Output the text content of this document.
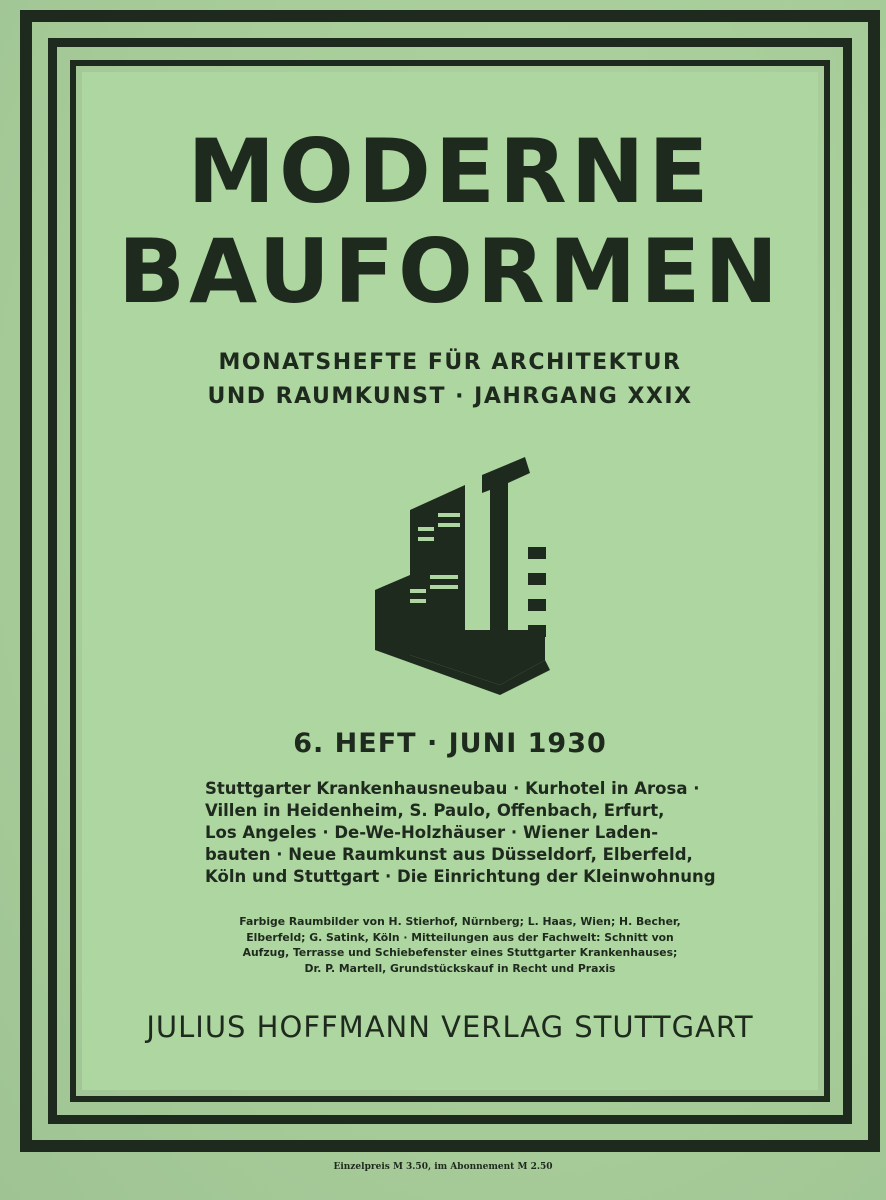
MODERNE
BAUFORMEN
MONATSHEFTE FÜR ARCHITEKTUR
UND RAUMKUNST · JAHRGANG XXIX
6. HEFT · JUNI 1930
Stuttgarter Krankenhausneubau · Kurhotel in Arosa ·
Villen in Heidenheim, S. Paulo, Offenbach, Erfurt,
Los Angeles · De-We-Holzhäuser · Wiener Laden-
bauten · Neue Raumkunst aus Düsseldorf, Elberfeld,
Köln und Stuttgart · Die Einrichtung der Kleinwohnung
Farbige Raumbilder von H. Stierhof, Nürnberg; L. Haas, Wien; H. Becher,
Elberfeld; G. Satink, Köln · Mitteilungen aus der Fachwelt: Schnitt von
Aufzug, Terrasse und Schiebefenster eines Stuttgarter Krankenhauses;
Dr. P. Martell, Grundstückskauf in Recht und Praxis
JULIUS HOFFMANN VERLAG STUTTGART
Einzelpreis M 3.50, im Abonnement M 2.50
